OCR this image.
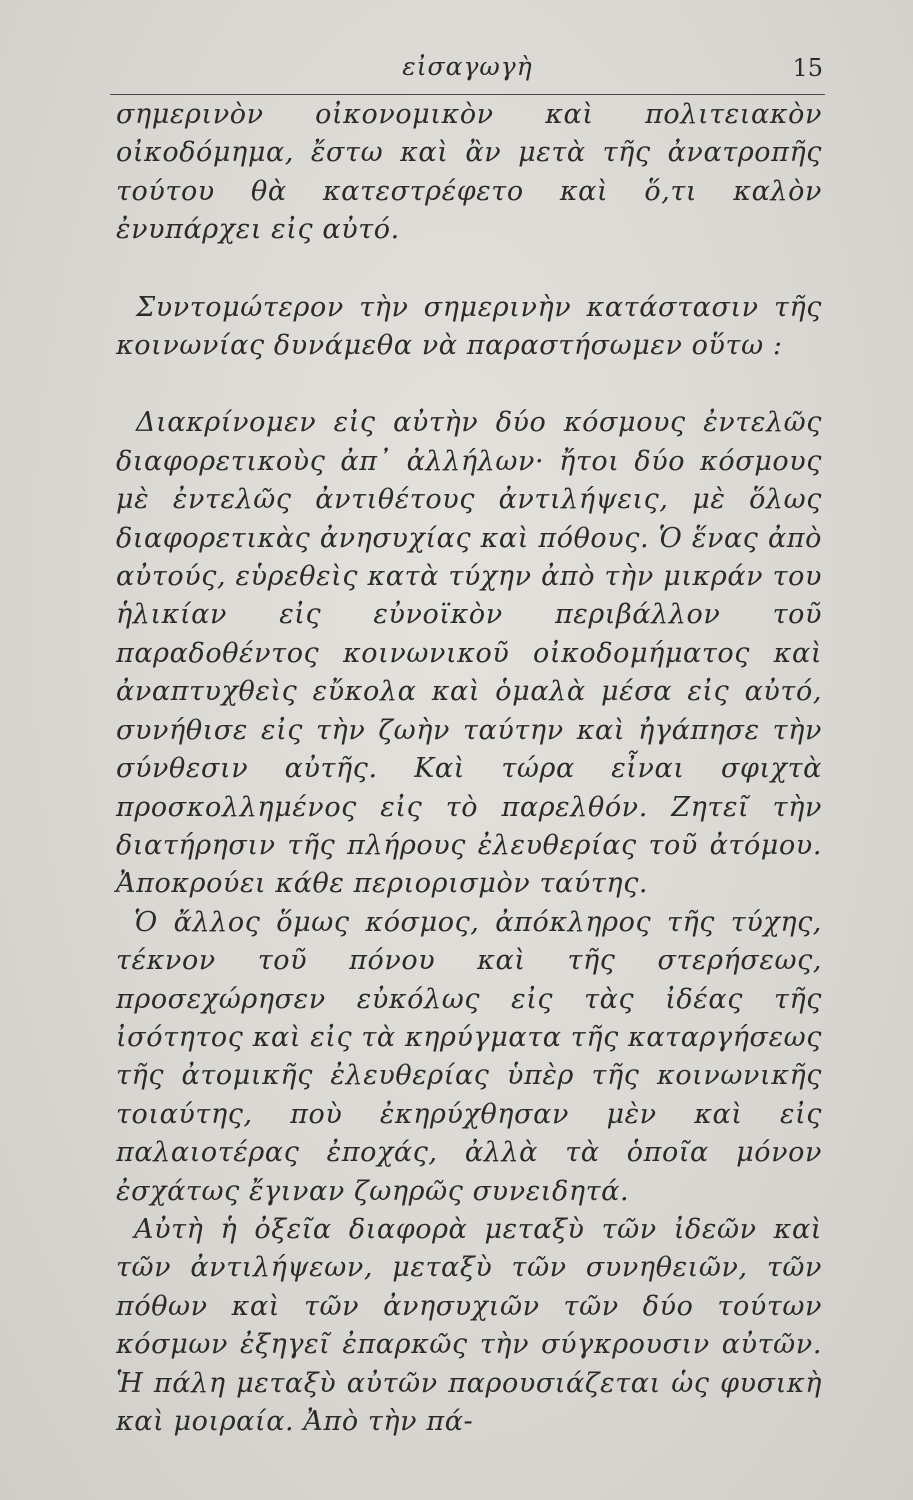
εἰσαγωγὴ	15

σημερινὸν οἰκονομικὸν καὶ πολιτειακὸν οἰκοδόμημα, ἔστω καὶ ἂν μετὰ τῆς ἀνατροπῆς τούτου θὰ κατεστρέφετο καὶ ὅ,τι καλὸν ἐνυπάρχει εἰς αὐτό.

Συντομώτερον τὴν σημερινὴν κατάστασιν τῆς κοινωνίας δυνάμεθα νὰ παραστήσωμεν οὕτω :

Διακρίνομεν εἰς αὐτὴν δύο κόσμους ἐντελῶς διαφορετικοὺς ἀπ᾽ ἀλλήλων· ἤτοι δύο κόσμους μὲ ἐντελῶς ἀντιθέτους ἀντιλήψεις, μὲ ὅλως διαφορετικὰς ἀνησυχίας καὶ πόθους. Ὁ ἕνας ἀπὸ αὐτούς, εὑρεθεὶς κατὰ τύχην ἀπὸ τὴν μικράν του ἡλικίαν εἰς εὐνοϊκὸν περιβάλλον τοῦ παραδοθέντος κοινωνικοῦ οἰκοδομήματος καὶ ἀναπτυχθεὶς εὔκολα καὶ ὁμαλὰ μέσα εἰς αὐτό, συνήθισε εἰς τὴν ζωὴν ταύτην καὶ ἠγάπησε τὴν σύνθεσιν αὐτῆς. Καὶ τώρα εἶναι σφιχτὰ προσκολλημένος εἰς τὸ παρελθόν. Ζητεῖ τὴν διατήρησιν τῆς πλήρους ἐλευθερίας τοῦ ἀτόμου. Ἀποκρούει κάθε περιορισμὸν ταύτης.

Ὁ ἄλλος ὅμως κόσμος, ἀπόκληρος τῆς τύχης, τέκνον τοῦ πόνου καὶ τῆς στερήσεως, προσεχώρησεν εὐκόλως εἰς τὰς ἰδέας τῆς ἰσότητος καὶ εἰς τὰ κηρύγματα τῆς καταργήσεως τῆς ἀτομικῆς ἐλευθερίας ὑπὲρ τῆς κοινωνικῆς τοιαύτης, ποὺ ἐκηρύχθησαν μὲν καὶ εἰς παλαιοτέρας ἐποχάς, ἀλλὰ τὰ ὁποῖα μόνον ἐσχάτως ἔγιναν ζωηρῶς συνειδητά.

Αὐτὴ ἡ ὀξεῖα διαφορὰ μεταξὺ τῶν ἰδεῶν καὶ τῶν ἀντιλήψεων, μεταξὺ τῶν συνηθειῶν, τῶν πόθων καὶ τῶν ἀνησυχιῶν τῶν δύο τούτων κόσμων ἐξηγεῖ ἐπαρκῶς τὴν σύγκρουσιν αὐτῶν. Ἡ πάλη μεταξὺ αὐτῶν παρουσιάζεται ὡς φυσικὴ καὶ μοιραία. Ἀπὸ τὴν πά-
